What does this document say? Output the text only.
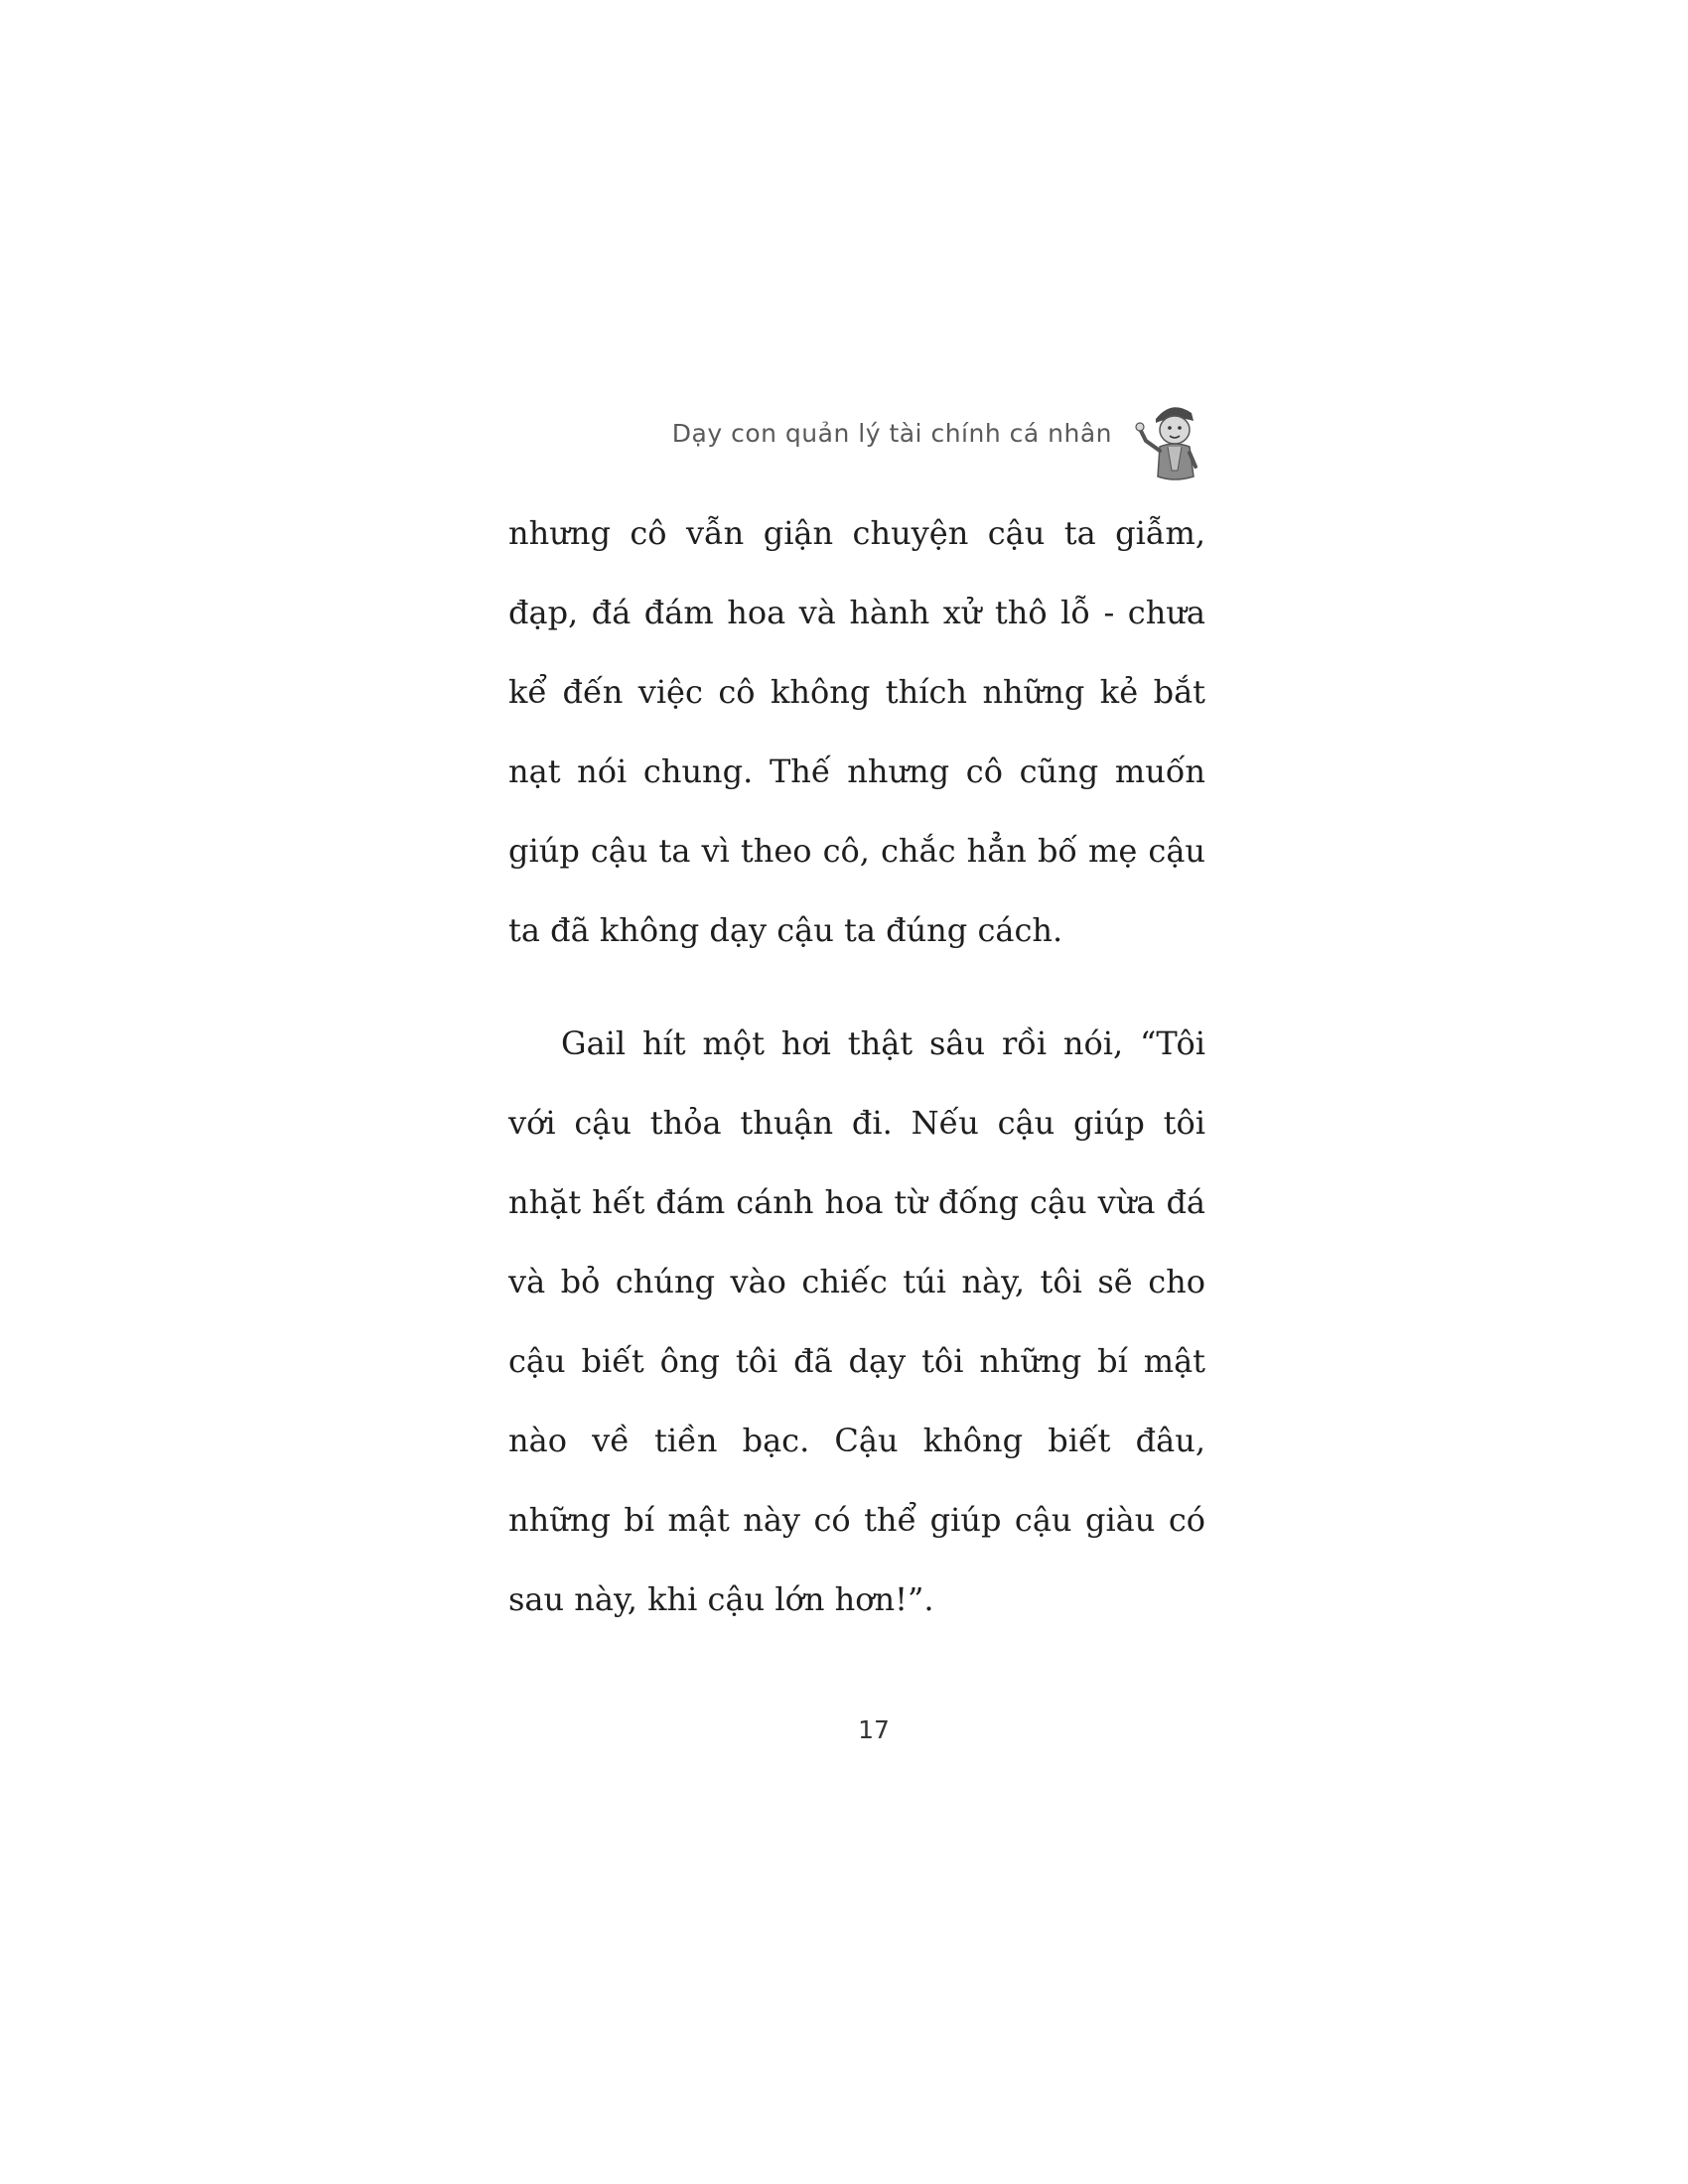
Dạy con quản lý tài chính cá nhân

nhưng cô vẫn giận chuyện cậu ta giẫm, đạp, đá đám hoa và hành xử thô lỗ - chưa kể đến việc cô không thích những kẻ bắt nạt nói chung. Thế nhưng cô cũng muốn giúp cậu ta vì theo cô, chắc hẳn bố mẹ cậu ta đã không dạy cậu ta đúng cách.

Gail hít một hơi thật sâu rồi nói, “Tôi với cậu thỏa thuận đi. Nếu cậu giúp tôi nhặt hết đám cánh hoa từ đống cậu vừa đá và bỏ chúng vào chiếc túi này, tôi sẽ cho cậu biết ông tôi đã dạy tôi những bí mật nào về tiền bạc. Cậu không biết đâu, những bí mật này có thể giúp cậu giàu có sau này, khi cậu lớn hơn!”.

17
